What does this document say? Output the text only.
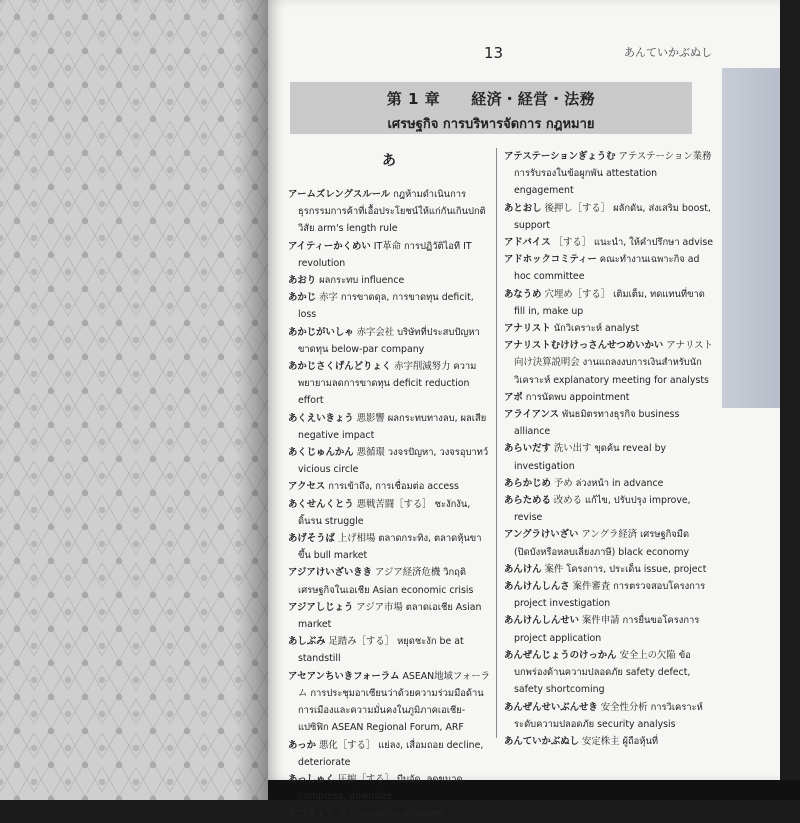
13	あんていかぶぬし
第 1 章　　経済・経営・法務
เศรษฐกิจ การบริหารจัดการ กฎหมาย
あ
アームズレングスルール กฎห้ามดำเนินการธุรกรรมการค้าที่เอื้อประโยชน์ให้แก่กันเกินปกติวิสัย arm's length rule
アイティーかくめい IT革命 การปฏิวัติไอที IT revolution
あおり ผลกระทบ influence
あかじ 赤字 การขาดดุล, การขาดทุน deficit, loss
あかじがいしゃ 赤字会社 บริษัทที่ประสบปัญหาขาดทุน below-par company
あかじさくげんどりょく 赤字削減努力 ความพยายามลดการขาดทุน deficit reduction effort
あくえいきょう 悪影響 ผลกระทบทางลบ, ผลเสีย negative impact
あくじゅんかん 悪循環 วงจรปัญหา, วงจรอุบาทว์ vicious circle
アクセス การเข้าถึง, การเชื่อมต่อ access
あくせんくとう 悪戦苦闘［する］ ชะงักงัน, ดิ้นรน struggle
あげそうば 上げ相場 ตลาดกระทิง, ตลาดหุ้นขาขึ้น bull market
アジアけいざいきき アジア経済危機 วิกฤติเศรษฐกิจในเอเชีย Asian economic crisis
アジアしじょう アジア市場 ตลาดเอเชีย Asian market
あしぶみ 足踏み［する］ หยุดชะงัก be at standstill
アセアンちいきフォーラム ASEAN地域フォーラム การประชุมอาเซียนว่าด้วยความร่วมมือด้านการเมืองและความมั่นคงในภูมิภาคเอเชีย-แปซิฟิก ASEAN Regional Forum, ARF
あっか 悪化［する］ แย่ลง, เสื่อมถอย decline, deteriorate
あっしゅく 圧縮［する］ บีบอัด, ลดขนาด compress, downsize
あつりょく 圧力 แรงกดดัน pressure
アテステーションぎょうむ アテステーション業務 การรับรองในข้อผูกพัน attestation engagement
あとおし 後押し［する］ ผลักดัน, ส่งเสริม boost, support
アドバイス ［する］ แนะนำ, ให้คำปรึกษา advise
アドホックコミティー คณะทำงานเฉพาะกิจ ad hoc committee
あなうめ 穴埋め［する］ เติมเต็ม, ทดแทนที่ขาด fill in, make up
アナリスト นักวิเคราะห์ analyst
アナリストむけけっさんせつめいかい アナリスト向け決算説明会 งานแถลงงบการเงินสำหรับนักวิเคราะห์ explanatory meeting for analysts
アポ การนัดพบ appointment
アライアンス พันธมิตรทางธุรกิจ business alliance
あらいだす 洗い出す ขุดค้น reveal by investigation
あらかじめ 予め ล่วงหน้า in advance
あらためる 改める แก้ไข, ปรับปรุง improve, revise
アングラけいざい アングラ経済 เศรษฐกิจมืด (ปิดบังหรือหลบเลี่ยงภาษี) black economy
あんけん 案件 โครงการ, ประเด็น issue, project
あんけんしんさ 案件審査 การตรวจสอบโครงการ project investigation
あんけんしんせい 案件申請 การยื่นขอโครงการ project application
あんぜんじょうのけっかん 安全上の欠陥 ข้อบกพร่องด้านความปลอดภัย safety defect, safety shortcoming
あんぜんせいぶんせき 安全性分析 การวิเคราะห์ระดับความปลอดภัย security analysis
あんていかぶぬし 安定株主 ผู้ถือหุ้นที่
